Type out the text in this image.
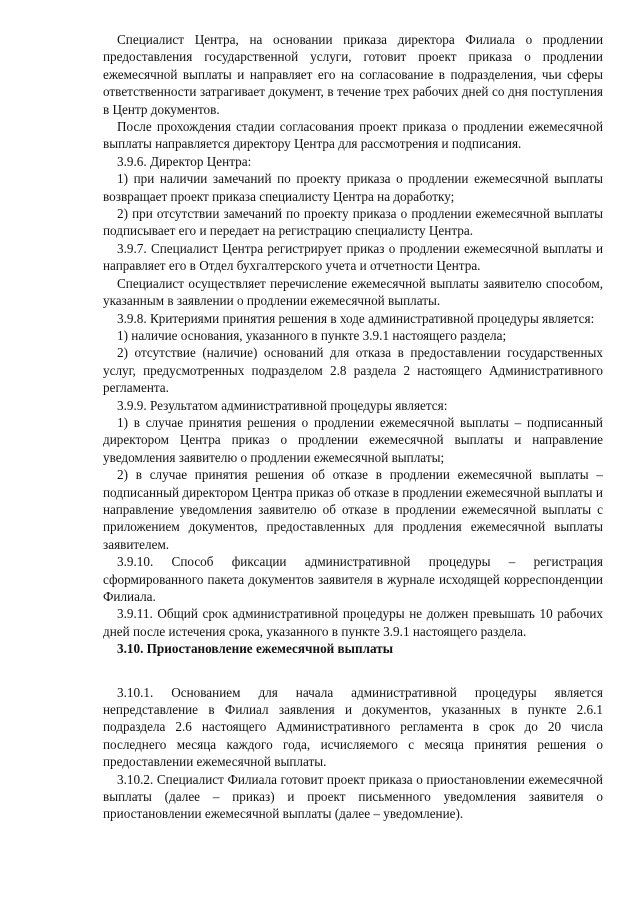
Специалист Центра, на основании приказа директора Филиала о продлении предоставления государственной услуги, готовит проект приказа о продлении ежемесячной выплаты и направляет его на согласование в подразделения, чьи сферы ответственности затрагивает документ, в течение трех рабочих дней со дня поступления в Центр документов.

После прохождения стадии согласования проект приказа о продлении ежемесячной выплаты направляется директору Центра для рассмотрения и подписания.

3.9.6. Директор Центра:

1) при наличии замечаний по проекту приказа о продлении ежемесячной выплаты возвращает проект приказа специалисту Центра на доработку;

2) при отсутствии замечаний по проекту приказа о продлении ежемесячной выплаты подписывает его и передает на регистрацию специалисту Центра.

3.9.7. Специалист Центра регистрирует приказ о продлении ежемесячной выплаты и направляет его в Отдел бухгалтерского учета и отчетности Центра.

Специалист осуществляет перечисление ежемесячной выплаты заявителю способом, указанным в заявлении о продлении ежемесячной выплаты.

3.9.8. Критериями принятия решения в ходе административной процедуры является:

1) наличие основания, указанного в пункте 3.9.1 настоящего раздела;

2) отсутствие (наличие) оснований для отказа в предоставлении государственных услуг, предусмотренных подразделом 2.8 раздела 2 настоящего Административного регламента.

3.9.9. Результатом административной процедуры является:

1) в случае принятия решения о продлении ежемесячной выплаты – подписанный директором Центра приказ о продлении ежемесячной выплаты и направление уведомления заявителю о продлении ежемесячной выплаты;

2) в случае принятия решения об отказе в продлении ежемесячной выплаты – подписанный директором Центра приказ об отказе в продлении ежемесячной выплаты и направление уведомления заявителю об отказе в продлении ежемесячной выплаты с приложением документов, предоставленных для продления ежемесячной выплаты заявителем.

3.9.10. Способ фиксации административной процедуры – регистрация сформированного пакета документов заявителя в журнале исходящей корреспонденции Филиала.

3.9.11. Общий срок административной процедуры не должен превышать 10 рабочих дней после истечения срока, указанного в пункте 3.9.1 настоящего раздела.

3.10. Приостановление ежемесячной выплаты

3.10.1. Основанием для начала административной процедуры является непредставление в Филиал заявления и документов, указанных в пункте 2.6.1 подраздела 2.6 настоящего Административного регламента в срок до 20 числа последнего месяца каждого года, исчисляемого с месяца принятия решения о предоставлении ежемесячной выплаты.

3.10.2. Специалист Филиала готовит проект приказа о приостановлении ежемесячной выплаты (далее – приказ) и проект письменного уведомления заявителя о приостановлении ежемесячной выплаты (далее – уведомление).
